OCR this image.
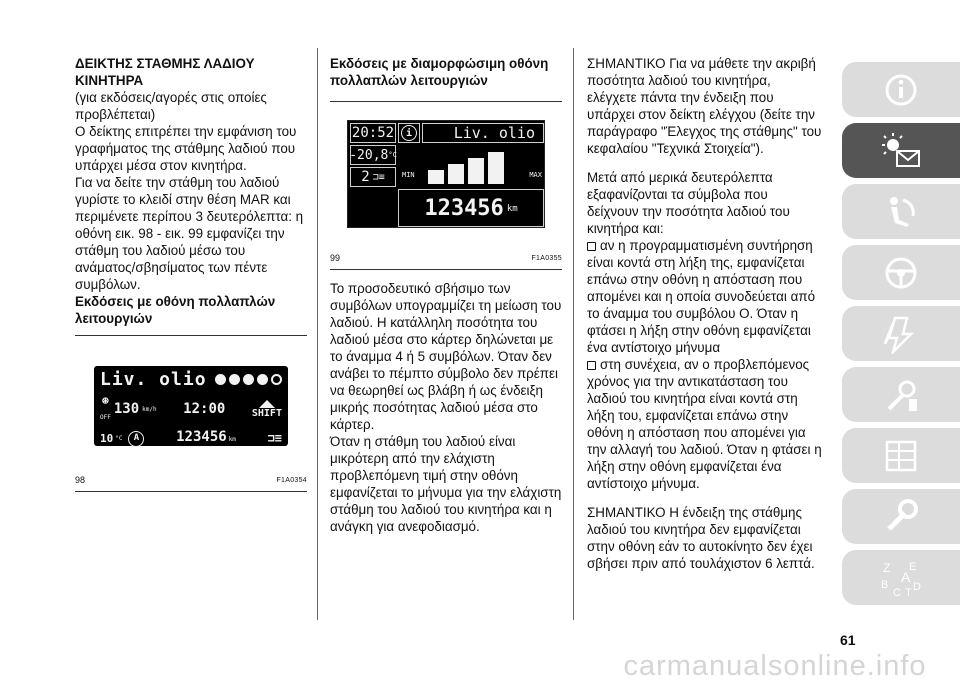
ΔΕΙΚΤΗΣ ΣΤΑΘΜΗΣ ΛΑΔΙΟΥ ΚΙΝΗΤΗΡΑ

(για εκδόσεις/αγορές στις οποίες προβλέπεται)

Ο δείκτης επιτρέπει την εμφάνιση του γραφήματος της στάθμης λαδιού που υπάρχει μέσα στον κινητήρα.

Για να δείτε την στάθμη του λαδιού γυρίστε το κλειδί στην θέση MAR και περιμένετε περίπου 3 δευτερόλεπτα: η οθόνη εικ. 98 - εικ. 99 εμφανίζει την στάθμη του λαδιού μέσω του ανάματος/σβησίματος των πέντε συμβόλων.

Εκδόσεις με οθόνη πολλαπλών λειτουργιών
Liv. olio
⊛
OFF
130 km/h 12:00	SHIFT
10 °C	A	123456 km	⊐≡
98	F1A0354
Εκδόσεις με διαμορφώσιμη οθόνη πολλαπλών λειτουργιών
20:52	i	Liv. olio
-20,8 °C
2 ⊐≡ MIN	MAX
123456 km
99	F1A0355

Το προσοδευτικό σβήσιμο των συμβόλων υπογραμμίζει τη μείωση του λαδιού. Η κατάλληλη ποσότητα του λαδιού μέσα στο κάρτερ δηλώνεται με το άναμμα 4 ή 5 συμβόλων. Όταν δεν ανάβει το πέμπτο σύμβολο δεν πρέπει να θεωρηθεί ως βλάβη ή ως ένδειξη μικρής ποσότητας λαδιού μέσα στο κάρτερ.

Όταν η στάθμη του λαδιού είναι μικρότερη από την ελάχιστη προβλεπόμενη τιμή στην οθόνη εμφανίζεται το μήνυμα για την ελάχιστη στάθμη του λαδιού του κινητήρα και η ανάγκη για ανεφοδιασμό.

ΣΗΜΑΝΤΙΚΟ Για να μάθετε την ακριβή ποσότητα λαδιού του κινητήρα, ελέγχετε πάντα την ένδειξη που υπάρχει στον δείκτη ελέγχου (δείτε την παράγραφο "Έλεγχος της στάθμης" του κεφαλαίου "Τεχνικά Στοιχεία").

Μετά από μερικά δευτερόλεπτα εξαφανίζονται τα σύμβολα που δείχνουν την ποσότητα λαδιού του κινητήρα και:

αν η προγραμματισμένη συντήρηση είναι κοντά στη λήξη της, εμφανίζεται επάνω στην οθόνη η απόσταση που απομένει και η οποία συνοδεύεται από το άναμμα του συμβόλου Ο. Όταν η φτάσει η λήξη στην οθόνη εμφανίζεται ένα αντίστοιχο μήνυμα

στη συνέχεια, αν ο προβλεπόμενος χρόνος για την αντικατάσταση του λαδιού του κινητήρα είναι κοντά στη λήξη του, εμφανίζεται επάνω στην οθόνη η απόσταση που απομένει για την αλλαγή του λαδιού. Όταν η φτάσει η λήξη στην οθόνη εμφανίζεται ένα αντίστοιχο μήνυμα.

ΣΗΜΑΝΤΙΚΟ Η ένδειξη της στάθμης λαδιού του κινητήρα δεν εμφανίζεται στην οθόνη εάν το αυτοκίνητο δεν έχει σβήσει πριν από τουλάχιστον 6 λεπτά.	Z E
A
B
C T D
61
carmanualsonline.info
